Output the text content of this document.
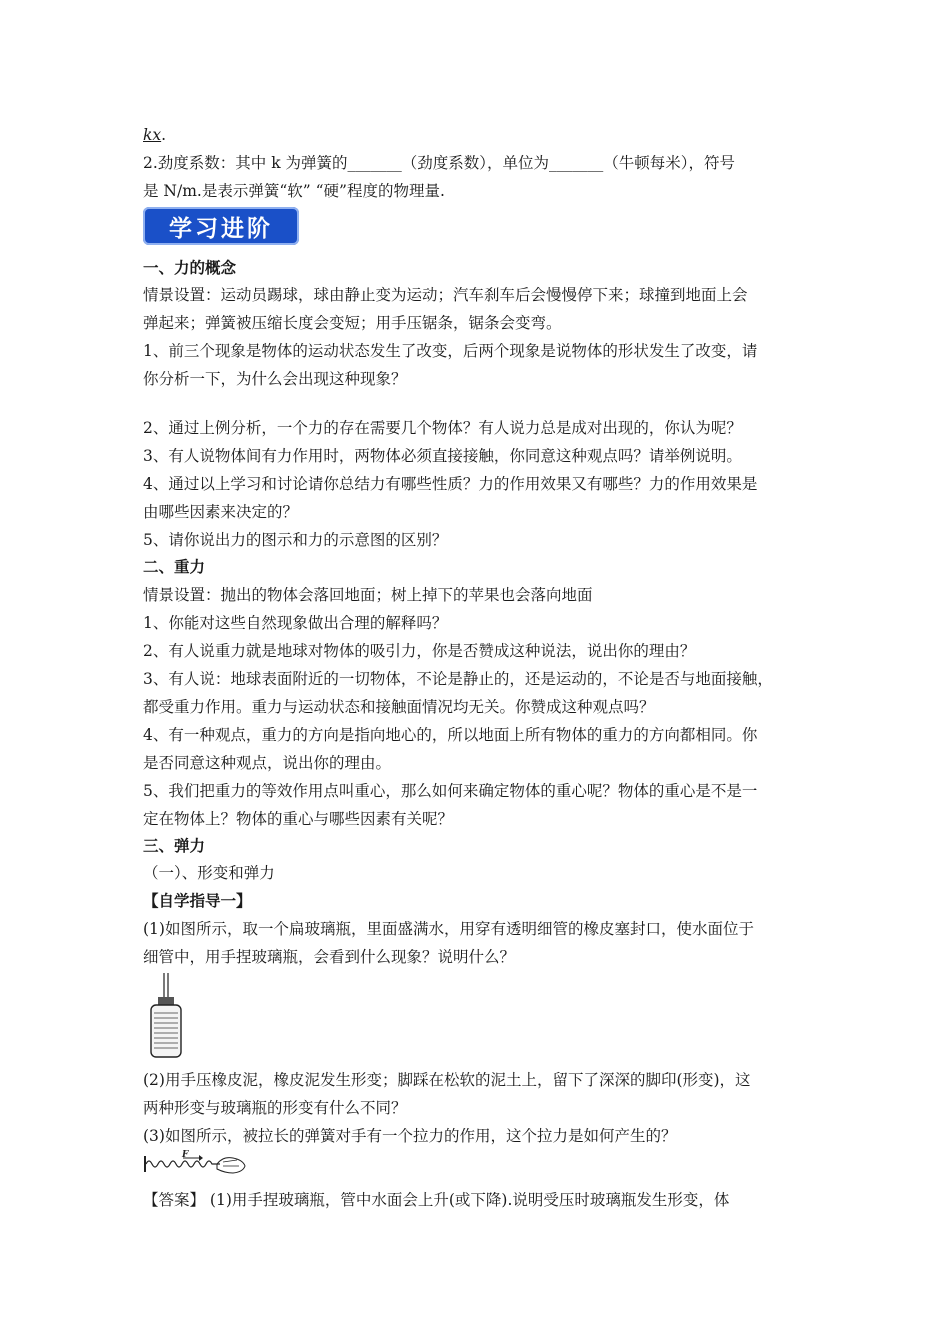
kx.
2.劲度系数：其中 k 为弹簧的_______（劲度系数），单位为_______（牛顿每米），符号
是 N/m.是表示弹簧“软” “硬”程度的物理量.
学习进阶
一、力的概念
情景设置：运动员踢球，球由静止变为运动；汽车刹车后会慢慢停下来；球撞到地面上会
弹起来；弹簧被压缩长度会变短；用手压锯条，锯条会变弯。
1、前三个现象是物体的运动状态发生了改变，后两个现象是说物体的形状发生了改变，请
你分析一下，为什么会出现这种现象？
2、通过上例分析，一个力的存在需要几个物体？有人说力总是成对出现的，你认为呢？
3、有人说物体间有力作用时，两物体必须直接接触，你同意这种观点吗？请举例说明。
4、通过以上学习和讨论请你总结力有哪些性质？力的作用效果又有哪些？力的作用效果是
由哪些因素来决定的？
5、请你说出力的图示和力的示意图的区别？
二、重力
情景设置：抛出的物体会落回地面；树上掉下的苹果也会落向地面
1、你能对这些自然现象做出合理的解释吗？
2、有人说重力就是地球对物体的吸引力，你是否赞成这种说法，说出你的理由？
3、有人说：地球表面附近的一切物体，不论是静止的，还是运动的，不论是否与地面接触，
都受重力作用。重力与运动状态和接触面情况均无关。你赞成这种观点吗？
4、有一种观点，重力的方向是指向地心的，所以地面上所有物体的重力的方向都相同。你
是否同意这种观点，说出你的理由。
5、我们把重力的等效作用点叫重心，那么如何来确定物体的重心呢？物体的重心是不是一
定在物体上？物体的重心与哪些因素有关呢？
三、弹力
（一）、形变和弹力
【自学指导一】
(1)如图所示，取一个扁玻璃瓶，里面盛满水，用穿有透明细管的橡皮塞封口，使水面位于
细管中，用手捏玻璃瓶，会看到什么现象？说明什么？
(2)用手压橡皮泥，橡皮泥发生形变；脚踩在松软的泥土上，留下了深深的脚印(形变)，这
两种形变与玻璃瓶的形变有什么不同？
(3)如图所示，被拉长的弹簧对手有一个拉力的作用，这个拉力是如何产生的？
F
【答案】 (1)用手捏玻璃瓶，管中水面会上升(或下降).说明受压时玻璃瓶发生形变，体
